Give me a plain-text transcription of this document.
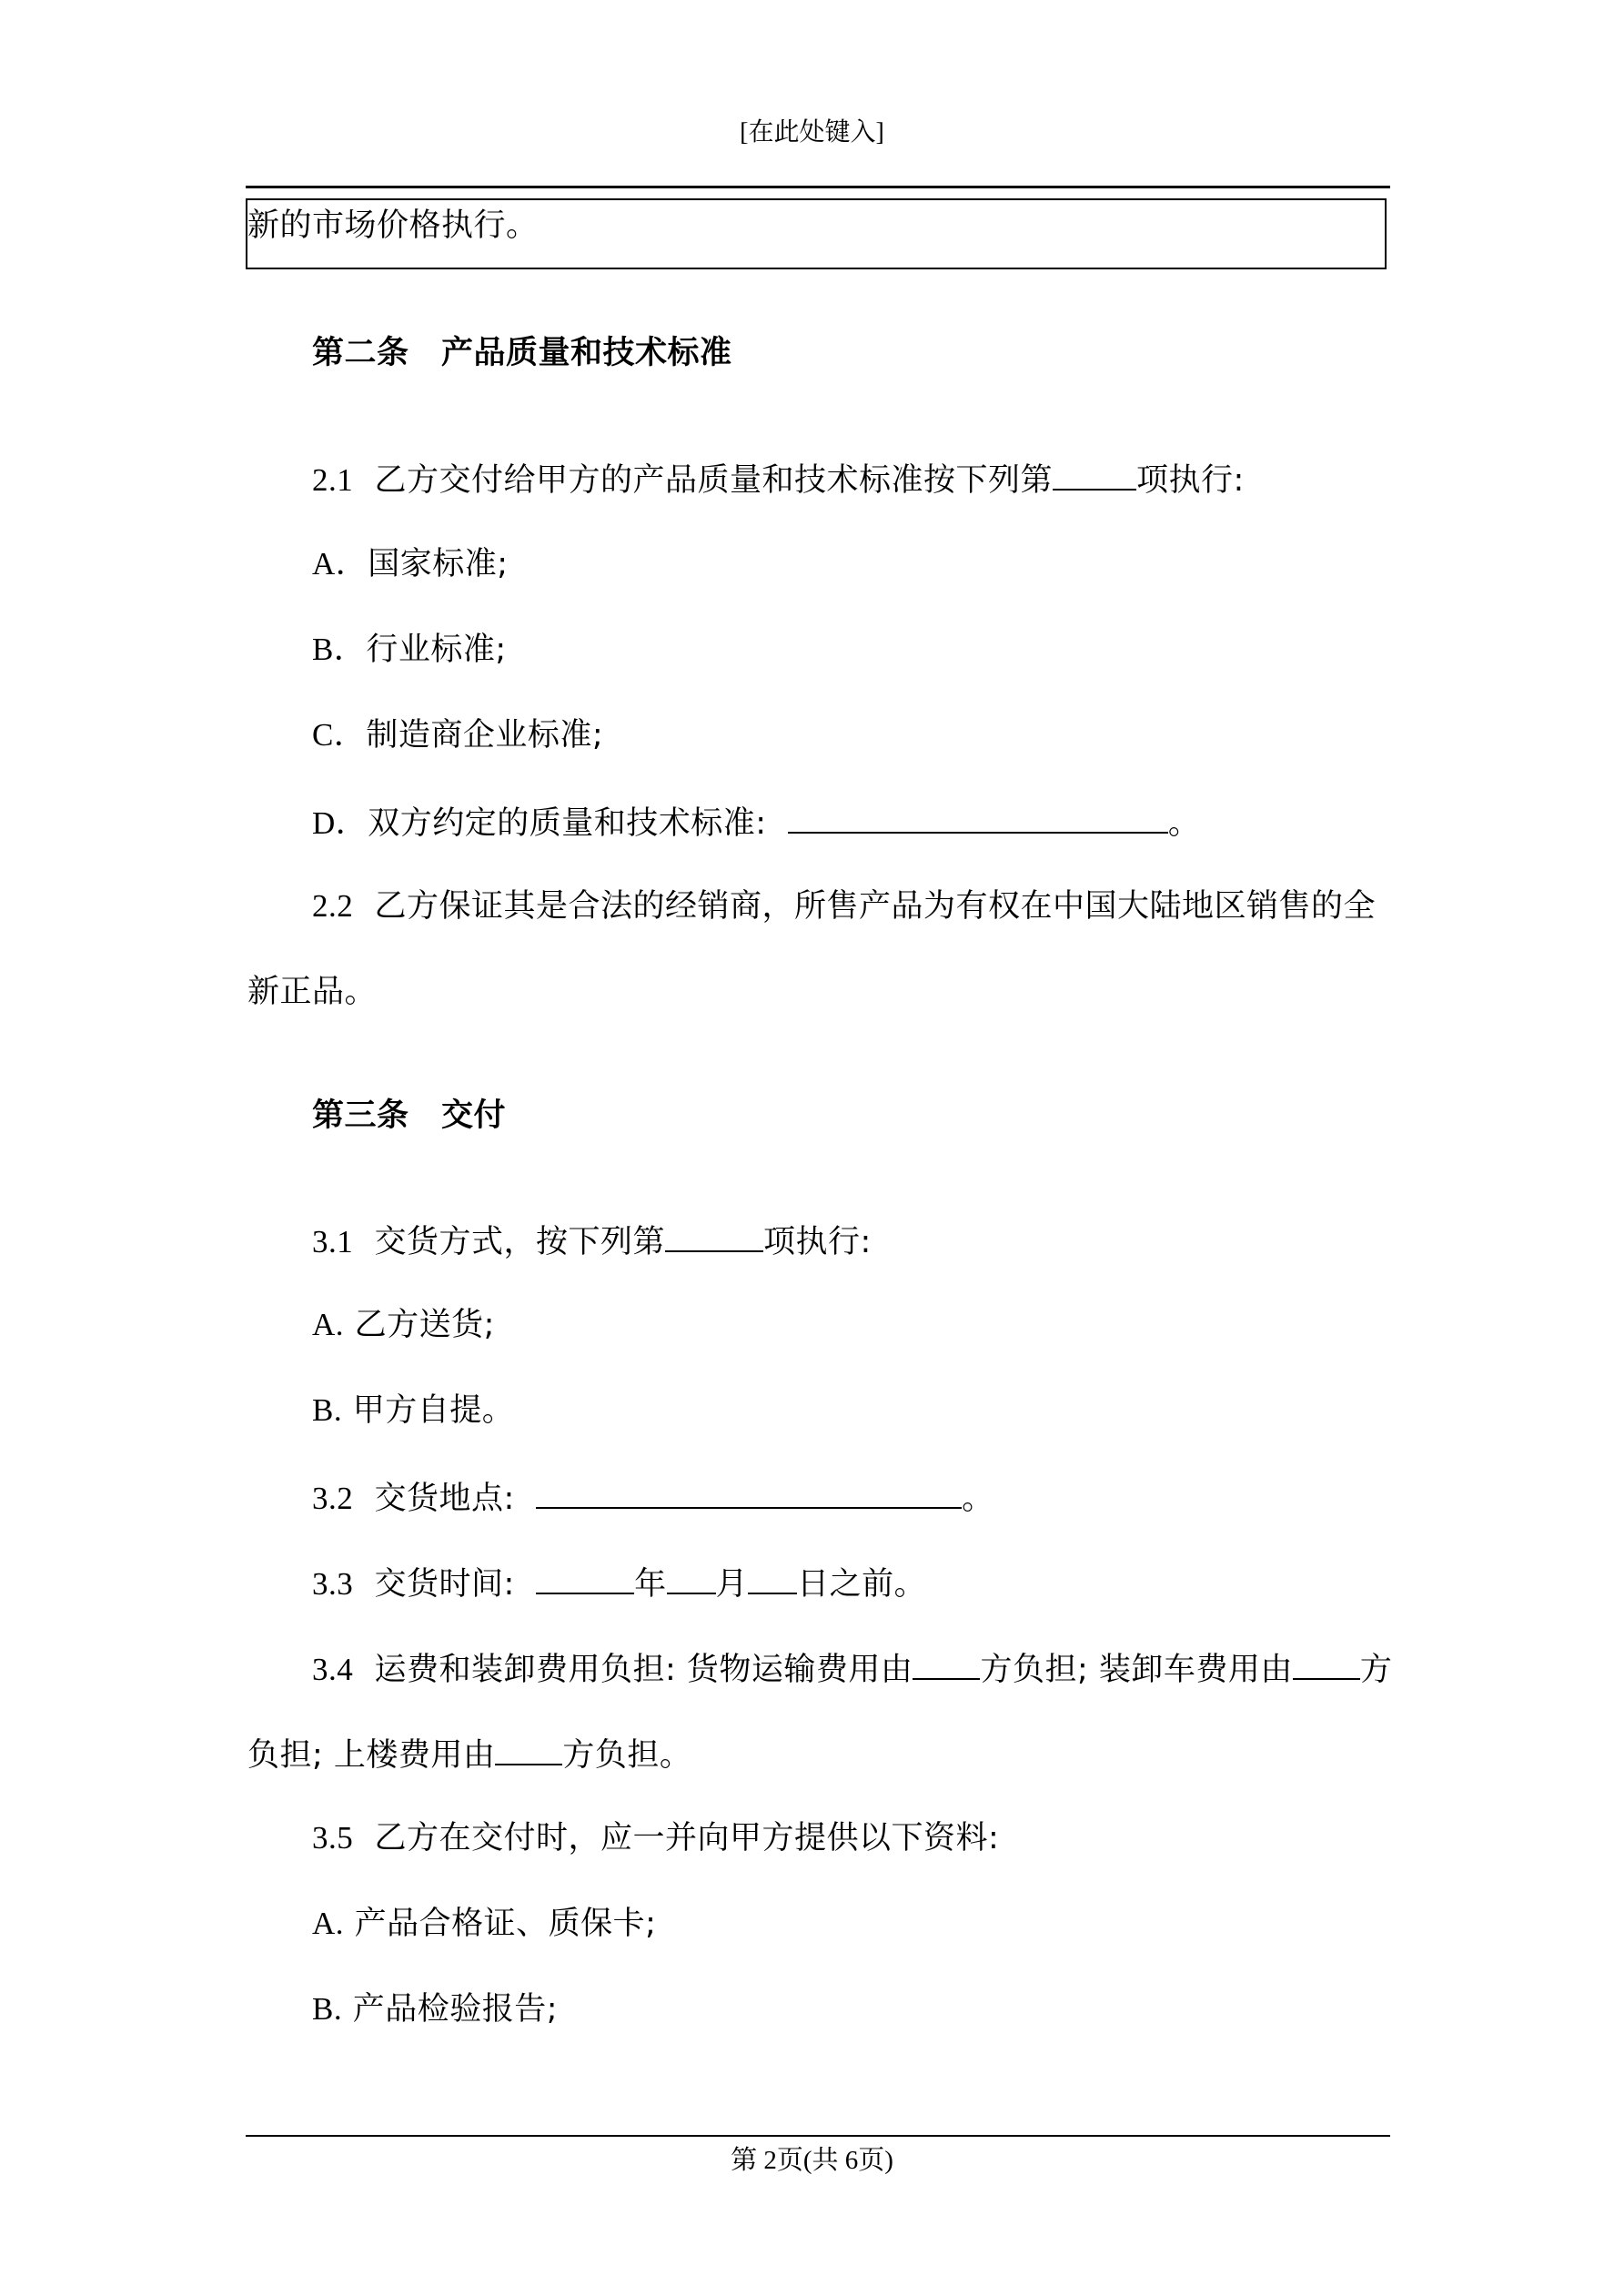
[在此处键入]
新的市场价格执行。
第二条　产品质量和技术标准
2.1 乙方交付给甲方的产品质量和技术标准按下列第	项执行:
A．国家标准;
B．行业标准;
C．制造商企业标准;
D．双方约定的质量和技术标准:	。
2.2 乙方保证其是合法的经销商，所售产品为有权在中国大陆地区销售的全
新正品。
第三条　交付
3.1 交货方式，按下列第	项执行:
A. 乙方送货;
B. 甲方自提。
3.2 交货地点:	。
3.3 交货时间:	年 月 日之前。
3.4 运费和装卸费用负担: 货物运输费用由 方负担; 装卸车费用由 方
负担; 上楼费用由 方负担。
3.5 乙方在交付时，应一并向甲方提供以下资料:
A. 产品合格证、质保卡;
B. 产品检验报告;
第 2页(共 6页)
